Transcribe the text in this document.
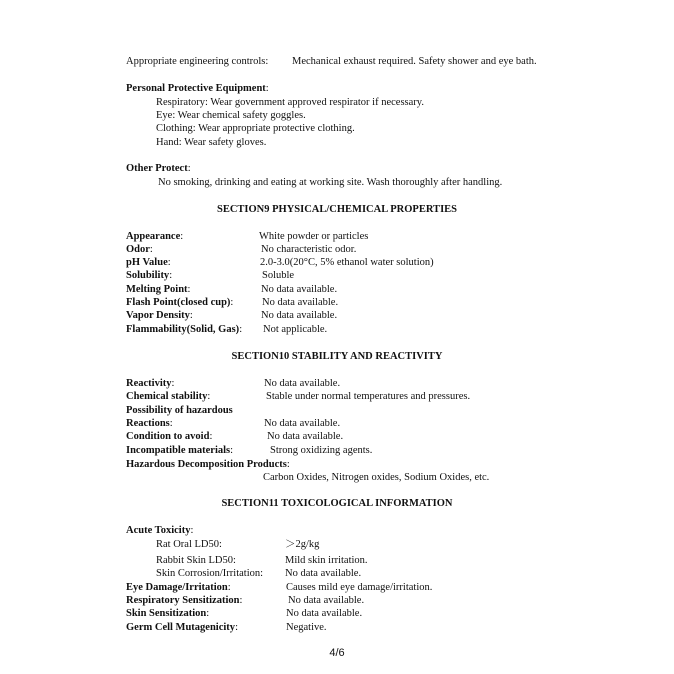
Appropriate engineering controls: Mechanical exhaust required. Safety shower and eye bath.
Personal Protective Equipment:
Respiratory: Wear government approved respirator if necessary.
Eye: Wear chemical safety goggles.
Clothing: Wear appropriate protective clothing.
Hand: Wear safety gloves.
Other Protect:
No smoking, drinking and eating at working site. Wash thoroughly after handling.
SECTION9 PHYSICAL/CHEMICAL PROPERTIES
Appearance:	White powder or particles
Odor:	No characteristic odor.
pH Value:	2.0-3.0(20°C, 5% ethanol water solution)
Solubility:	Soluble
Melting Point:	No data available.
Flash Point(closed cup):	No data available.
Vapor Density:	No data available.
Flammability(Solid, Gas): Not applicable.
SECTION10 STABILITY AND REACTIVITY
Reactivity:	No data available.
Chemical stability:	Stable under normal temperatures and pressures.
Possibility of hazardous
Reactions:	No data available.
Condition to avoid:	No data available.
Incompatible materials:	Strong oxidizing agents.
Hazardous Decomposition Products:
Carbon Oxides, Nitrogen oxides, Sodium Oxides, etc.
SECTION11 TOXICOLOGICAL INFORMATION
Acute Toxicity:
Rat Oral LD50:	＞2g/kg
Rabbit Skin LD50:	Mild skin irritation.
Skin Corrosion/Irritation: No data available.
Eye Damage/Irritation:	Causes mild eye damage/irritation.
Respiratory Sensitization:	No data available.
Skin Sensitization:	No data available.
Germ Cell Mutagenicity:	Negative.
4/6
